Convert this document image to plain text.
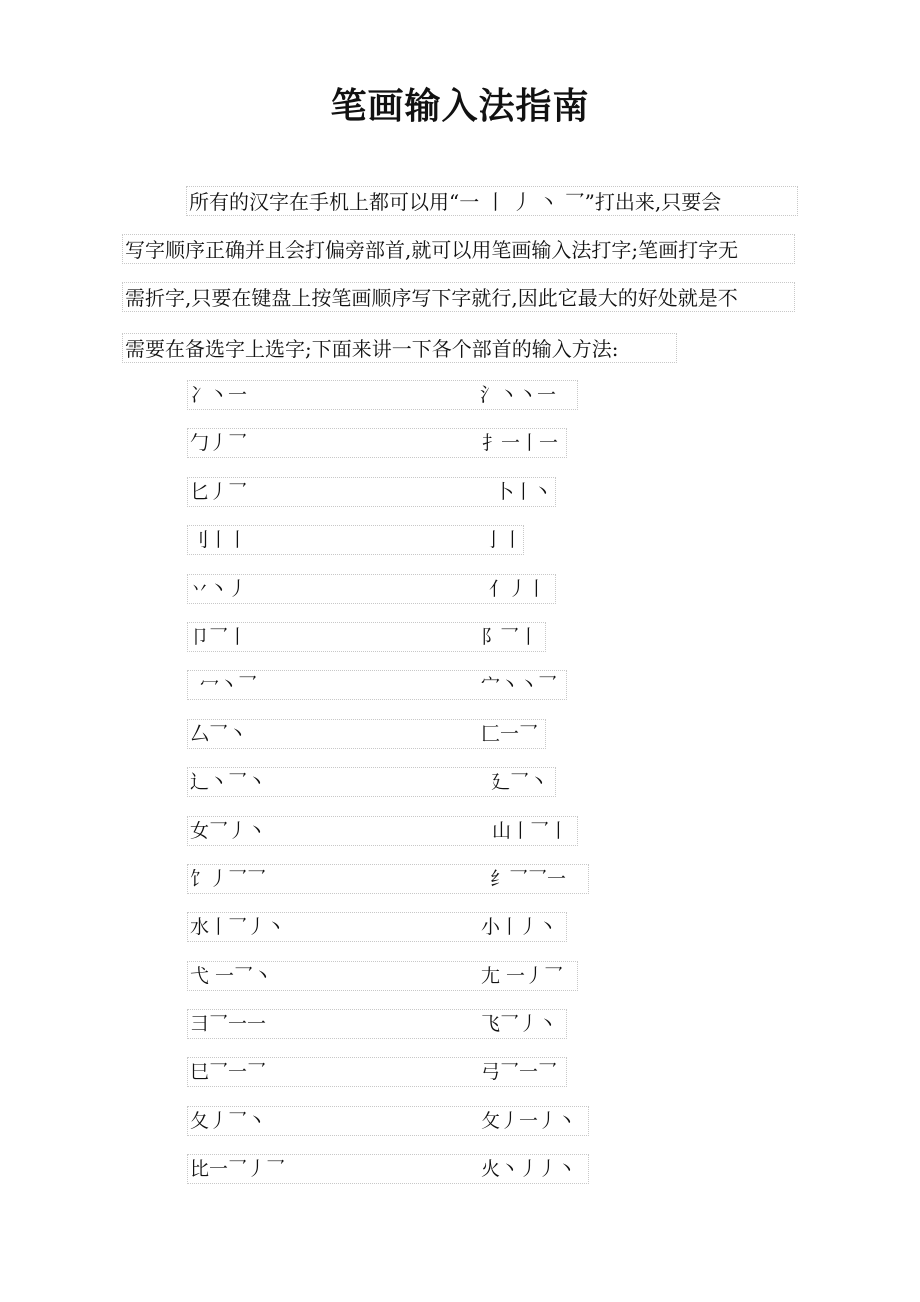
笔画输入法指南
所有的汉字在手机上都可以用“一 丨 丿 丶 乛”打出来,只要会
写字顺序正确并且会打偏旁部首,就可以用笔画输入法打字;笔画打字无
需折字,只要在键盘上按笔画顺序写下字就行,因此它最大的好处就是不
需要在备选字上选字;下面来讲一下各个部首的输入方法:
冫丶一	氵丶丶一
勹丿乛	扌一丨一
匕丿乛	卜丨丶
刂丨丨	亅丨
丷丶丿	亻丿丨
卩乛丨	阝乛丨
冖丶乛	宀丶丶乛
厶乛丶	匚一乛
辶丶乛丶	廴乛丶
女乛丿丶	山丨乛丨
饣丿乛乛	纟乛乛一
水丨乛丿丶	小丨丿丶
弋 一乛丶	尢 一丿乛
彐乛一一	飞乛丿丶
巳乛一乛	弓乛一乛
夂丿乛丶	攵丿一丿丶
比一乛丿乛	火丶丿丿丶
